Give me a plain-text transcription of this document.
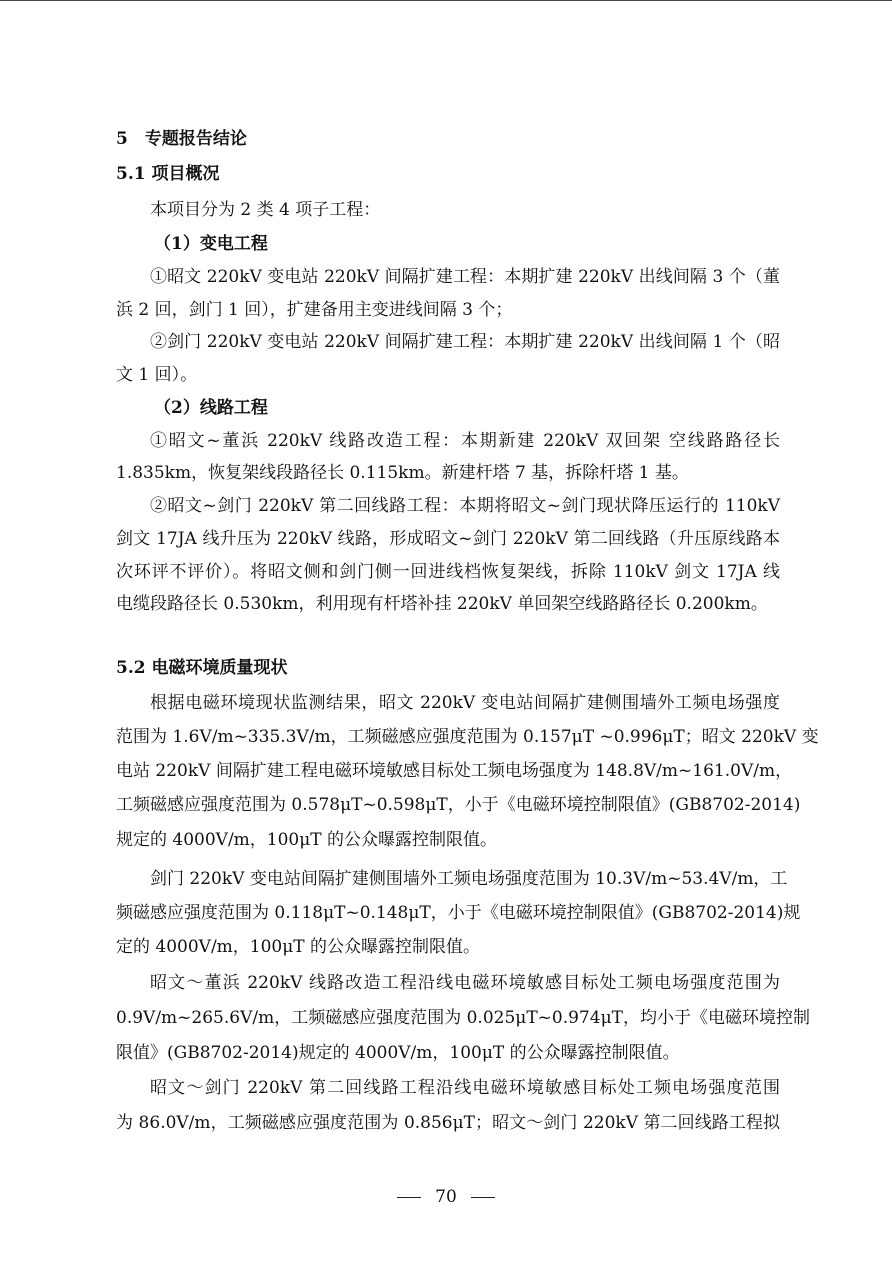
5　专题报告结论
5.1 项目概况
本项目分为 2 类 4 项子工程：
（1）变电工程
①昭文 220kV 变电站 220kV 间隔扩建工程：本期扩建 220kV 出线间隔 3 个（董
浜 2 回，剑门 1 回），扩建备用主变进线间隔 3 个；
②剑门 220kV 变电站 220kV 间隔扩建工程：本期扩建 220kV 出线间隔 1 个（昭
文 1 回）。
（2）线路工程
①昭文~董浜 220kV 线路改造工程：本期新建 220kV 双回架 空线路路径长
1.835km，恢复架线段路径长 0.115km。新建杆塔 7 基，拆除杆塔 1 基。
②昭文~剑门 220kV 第二回线路工程：本期将昭文~剑门现状降压运行的 110kV
剑文 17JA 线升压为 220kV 线路，形成昭文~剑门 220kV 第二回线路（升压原线路本
次环评不评价）。将昭文侧和剑门侧一回进线档恢复架线，拆除 110kV 剑文 17JA 线
电缆段路径长 0.530km，利用现有杆塔补挂 220kV 单回架空线路路径长 0.200km。
5.2 电磁环境质量现状
根据电磁环境现状监测结果，昭文 220kV 变电站间隔扩建侧围墙外工频电场强度
范围为 1.6V/m~335.3V/m，工频磁感应强度范围为 0.157μT ~0.996μT；昭文 220kV 变
电站 220kV 间隔扩建工程电磁环境敏感目标处工频电场强度为 148.8V/m~161.0V/m，
工频磁感应强度范围为 0.578μT~0.598μT，小于《电磁环境控制限值》(GB8702-2014)
规定的 4000V/m，100μT 的公众曝露控制限值。
剑门 220kV 变电站间隔扩建侧围墙外工频电场强度范围为 10.3V/m~53.4V/m，工
频磁感应强度范围为 0.118μT~0.148μT，小于《电磁环境控制限值》(GB8702-2014)规
定的 4000V/m，100μT 的公众曝露控制限值。
昭文～董浜 220kV 线路改造工程沿线电磁环境敏感目标处工频电场强度范围为
0.9V/m~265.6V/m，工频磁感应强度范围为 0.025μT~0.974μT，均小于《电磁环境控制
限值》(GB8702-2014)规定的 4000V/m，100μT 的公众曝露控制限值。
昭文～剑门 220kV 第二回线路工程沿线电磁环境敏感目标处工频电场强度范围
为 86.0V/m，工频磁感应强度范围为 0.856μT；昭文～剑门 220kV 第二回线路工程拟
70
